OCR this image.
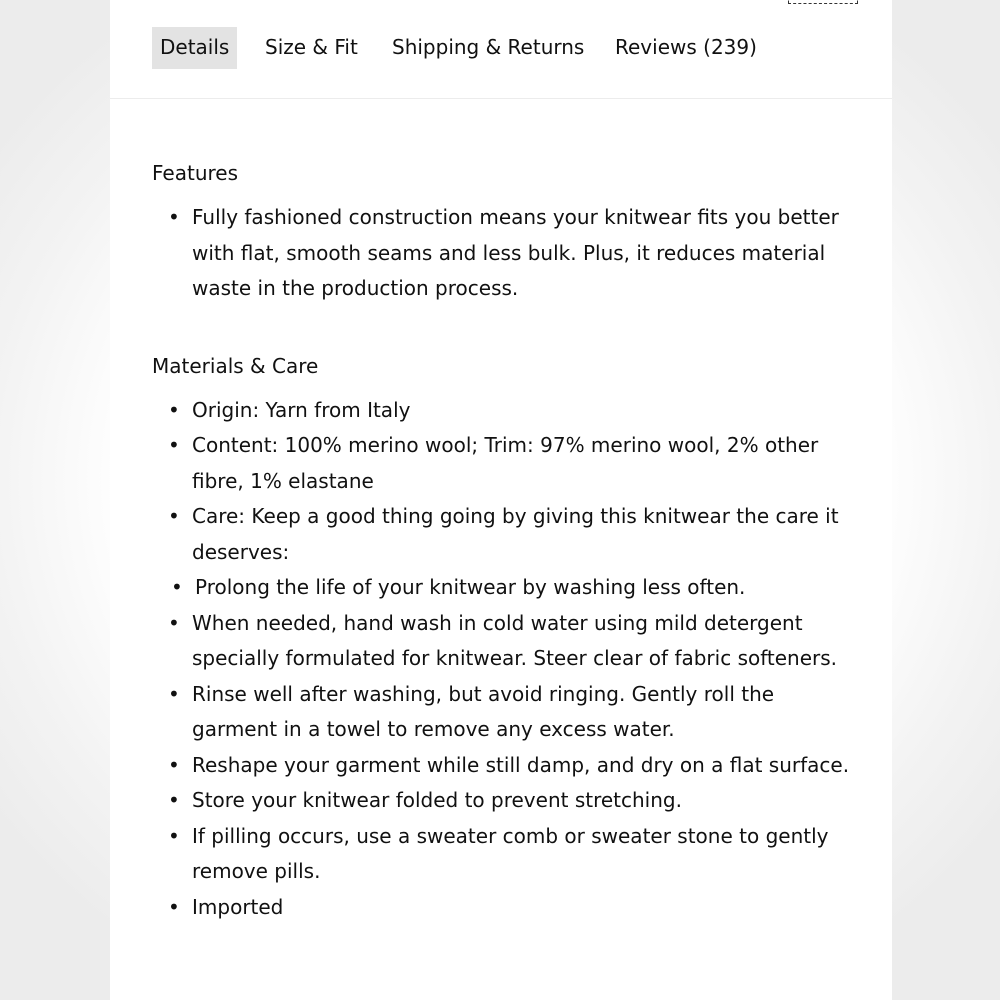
Details	Size & Fit	Shipping & Returns	Reviews (239)
Features
• Fully fashioned construction means your knitwear fits you better with flat, smooth seams and less bulk. Plus, it reduces material waste in the production process.
Materials & Care
• Origin: Yarn from Italy
• Content: 100% merino wool; Trim: 97% merino wool, 2% other fibre, 1% elastane
• Care: Keep a good thing going by giving this knitwear the care it deserves:
• Prolong the life of your knitwear by washing less often.
• When needed, hand wash in cold water using mild detergent specially formulated for knitwear. Steer clear of fabric softeners.
• Rinse well after washing, but avoid ringing. Gently roll the garment in a towel to remove any excess water.
• Reshape your garment while still damp, and dry on a flat surface.
• Store your knitwear folded to prevent stretching.
• If pilling occurs, use a sweater comb or sweater stone to gently remove pills.
• Imported
